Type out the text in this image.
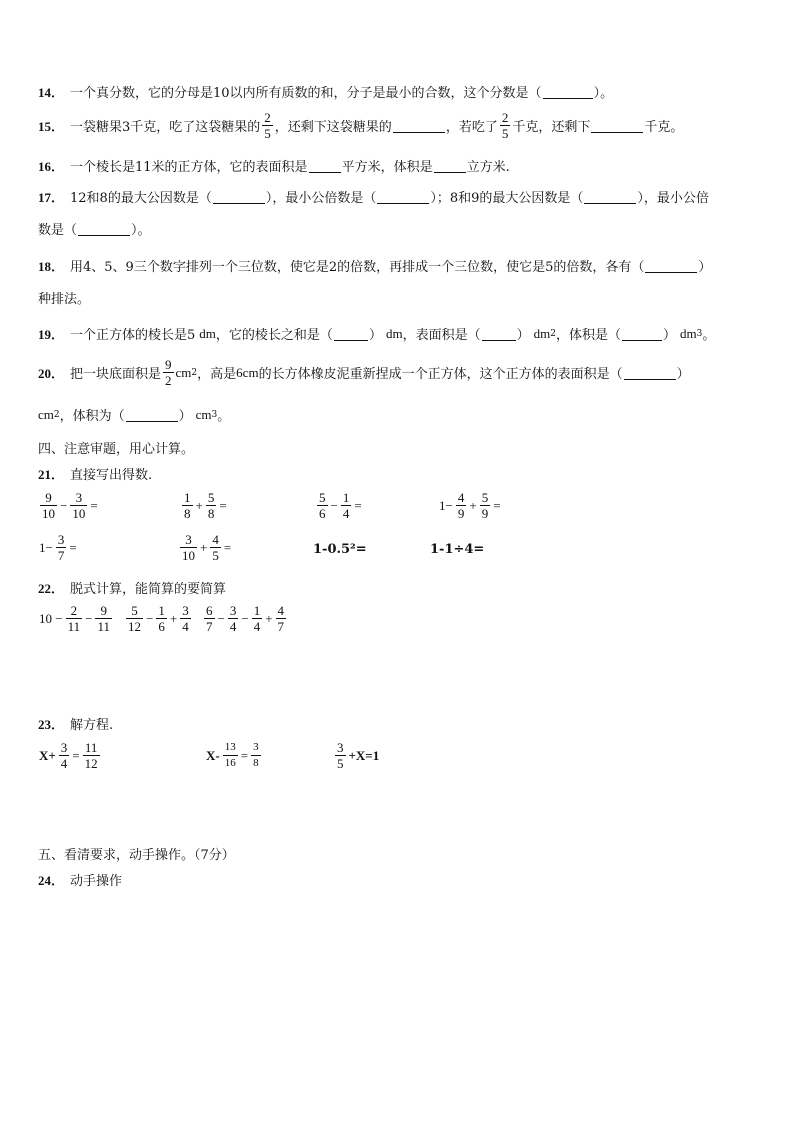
14． 一个真分数，它的分母是10以内所有质数的和，分子是最小的合数，这个分数是（	）。
15． 一袋糖果3千克，吃了这袋糖果的 $\frac{2}{5}$ ，还剩下这袋糖果的	，若吃了 $\frac{2}{5}$ 千克，还剩下	千克。
16． 一个棱长是11米的正方体，它的表面积是	平方米，体积是	立方米.
17． 12和8的最大公因数是（	），最小公倍数是（	）；8和9的最大公因数是（	），最小公倍
数是（	）。
18． 用4、5、9三个数字排列一个三位数，使它是2的倍数，再排成一个三位数，使它是5的倍数，各有（	）
种排法。
19． 一个正方体的棱长是5 dm ，它的棱长之和是（	） dm ，表面积是（	） dm 2 ，体积是（	） dm 3 。
20． 把一块底面积是 $\frac{9}{2}$ cm 2 ，高是 6cm 的长方体橡皮泥重新捏成一个正方体，这个正方体的表面积是（	）
cm 2 ，体积为（	） cm 3 。
四、注意审题，用心计算。
21． 直接写出得数.
$\frac{9}{10} - \frac{3}{10}$ =	$\frac{1}{8} + \frac{5}{8}$ =	$\frac{5}{6} - \frac{1}{4}$ =	$1- \frac{4}{9} + \frac{5}{9}$ =
$1- \frac{3}{7}$ =	$\frac{3}{10} + \frac{4}{5}$ =	1-0.5²=	1-1÷4=
22． 脱式计算，能简算的要简算
$10 - \frac{2}{11} - \frac{9}{11} \frac{5}{12} - \frac{1}{6} + \frac{3}{4} \frac{6}{7} - \frac{3}{4} - \frac{1}{4} + \frac{4}{7}$
23． 解方程.
$X+ \frac{3}{4} = \frac{11}{12}$	$X- \frac{13}{16} = \frac{3}{8}$	$\frac{3}{5} +X=1$
五、看清要求，动手操作。（7分）
24． 动手操作
